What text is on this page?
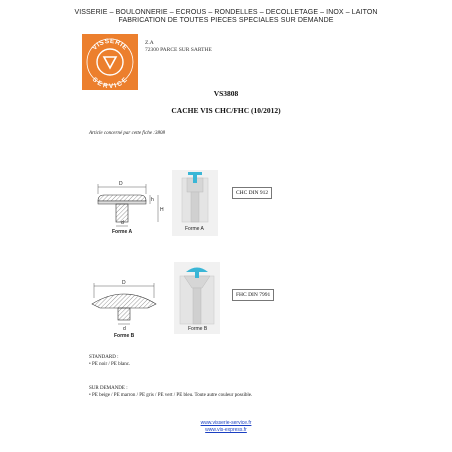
VISSERIE – BOULONNERIE – ECROUS – RONDELLES – DECOLLETAGE – INOX – LAITON
FABRICATION DE TOUTES PIECES SPECIALES SUR DEMANDE
VISSERIE
SERVICE
Z.A
72300 PARCE SUR SARTHE
VS3808
CACHE VIS CHC/FHC (10/2012)
Article concerné par cette fiche :3808
D
h
H
d
Forme A	Forme A
CHC DIN 912
D
d
Forme B
Forme B
FHC DIN 7991
STANDARD :
• PE noir / PE blanc.
SUR DEMANDE :
• PE beige / PE marron / PE gris / PE vert / PE bleu. Toute autre couleur possible.
www.visserie-service.fr
www.vis-express.fr
